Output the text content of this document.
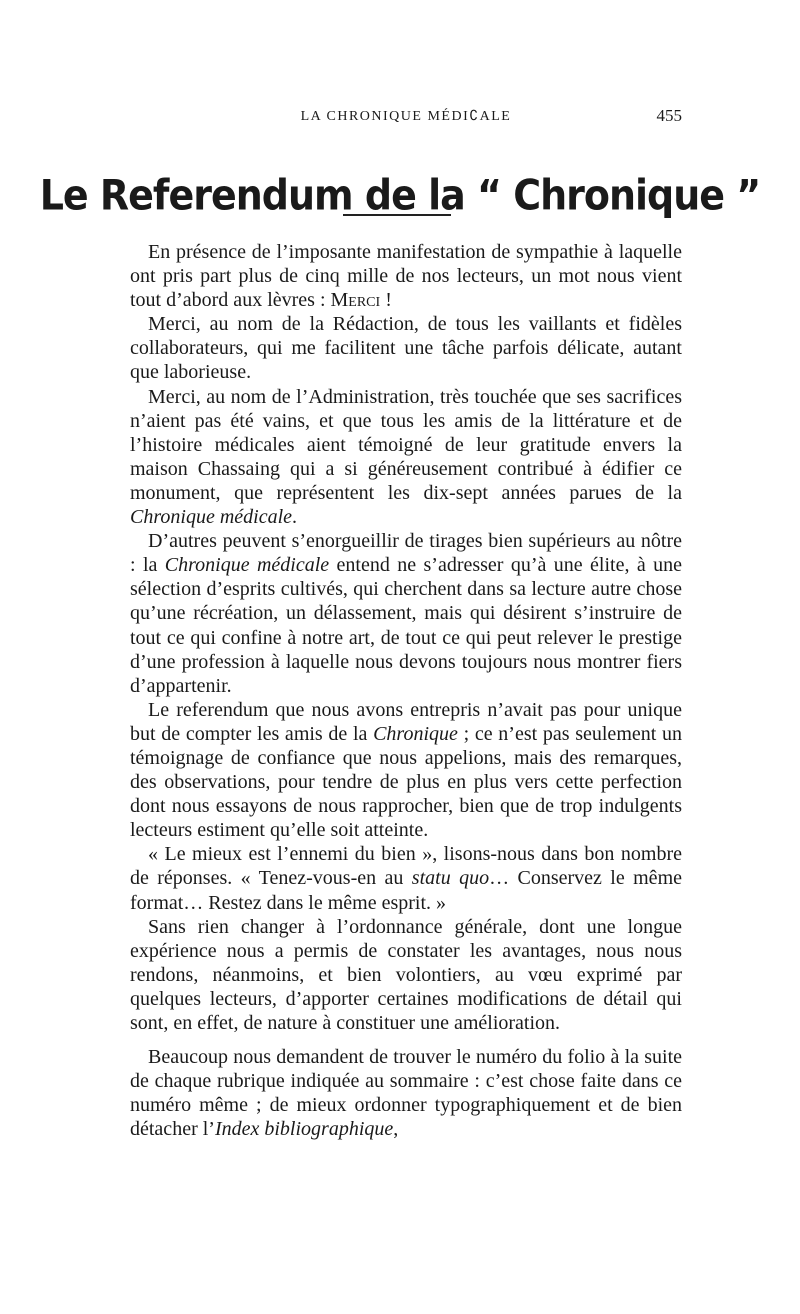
LA CHRONIQUE MÉDI∁ALE	455
Le Referendum de la “ Chronique ”

En présence de l’imposante manifestation de sympathie à laquelle ont pris part plus de cinq mille de nos lecteurs, un mot nous vient tout d’abord aux lèvres : Merci !

Merci, au nom de la Rédaction, de tous les vaillants et fidèles collaborateurs, qui me facilitent une tâche parfois délicate, autant que laborieuse.

Merci, au nom de l’Administration, très touchée que ses sacrifices n’aient pas été vains, et que tous les amis de la littérature et de l’histoire médicales aient témoigné de leur gratitude envers la maison Chassaing qui a si généreusement contribué à édifier ce monument, que représentent les dix-sept années parues de la Chronique médicale.

D’autres peuvent s’enorgueillir de tirages bien supérieurs au nôtre : la Chronique médicale entend ne s’adresser qu’à une élite, à une sélection d’esprits cultivés, qui cherchent dans sa lecture autre chose qu’une récréation, un délassement, mais qui désirent s’instruire de tout ce qui confine à notre art, de tout ce qui peut relever le prestige d’une profession à laquelle nous devons toujours nous montrer fiers d’appartenir.

Le referendum que nous avons entrepris n’avait pas pour unique but de compter les amis de la Chronique ; ce n’est pas seulement un témoignage de confiance que nous appelions, mais des remarques, des observations, pour tendre de plus en plus vers cette perfection dont nous essayons de nous rapprocher, bien que de trop indulgents lecteurs estiment qu’elle soit atteinte.

« Le mieux est l’ennemi du bien », lisons-nous dans bon nombre de réponses. « Tenez-vous-en au statu quo… Conservez le même format… Restez dans le même esprit. »

Sans rien changer à l’ordonnance générale, dont une longue expérience nous a permis de constater les avantages, nous nous rendons, néanmoins, et bien volontiers, au vœu exprimé par quelques lecteurs, d’apporter certaines modifications de détail qui sont, en effet, de nature à constituer une amélioration.

Beaucoup nous demandent de trouver le numéro du folio à la suite de chaque rubrique indiquée au sommaire : c’est chose faite dans ce numéro même ; de mieux ordonner typographiquement et de bien détacher l’Index bibliographique,
